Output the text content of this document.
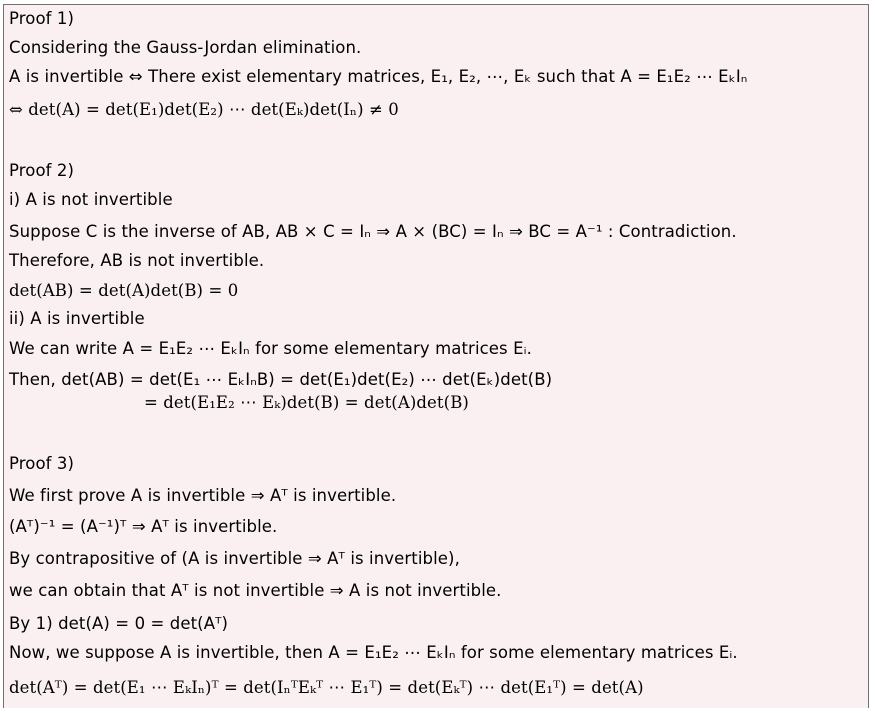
Proof 1)
Considering the Gauss-Jordan elimination.
A is invertible ⇔ There exist elementary matrices, E₁, E₂, ⋯, Eₖ such that A = E₁E₂ ⋯ EₖIₙ
⇔ det(A) = det(E₁)det(E₂) ⋯ det(Eₖ)det(Iₙ) ≠ 0
Proof 2)
i) A is not invertible
Suppose C is the inverse of AB, AB × C = Iₙ ⇒ A × (BC) = Iₙ ⇒ BC = A⁻¹ : Contradiction.
Therefore, AB is not invertible.
det(AB) = det(A)det(B) = 0
ii) A is invertible
We can write A = E₁E₂ ⋯ EₖIₙ for some elementary matrices Eᵢ.
Then, det(AB) = det(E₁ ⋯ EₖIₙB) = det(E₁)det(E₂) ⋯ det(Eₖ)det(B)
= det(E₁E₂ ⋯ Eₖ)det(B) = det(A)det(B)
Proof 3)
We first prove A is invertible ⇒ Aᵀ is invertible.
(Aᵀ)⁻¹ = (A⁻¹)ᵀ ⇒ Aᵀ is invertible.
By contrapositive of (A is invertible ⇒ Aᵀ is invertible),
we can obtain that Aᵀ is not invertible ⇒ A is not invertible.
By 1) det(A) = 0 = det(Aᵀ)
Now, we suppose A is invertible, then A = E₁E₂ ⋯ EₖIₙ for some elementary matrices Eᵢ.
det(Aᵀ) = det(E₁ ⋯ EₖIₙ)ᵀ = det(IₙᵀEₖᵀ ⋯ E₁ᵀ) = det(Eₖᵀ) ⋯ det(E₁ᵀ) = det(A)
